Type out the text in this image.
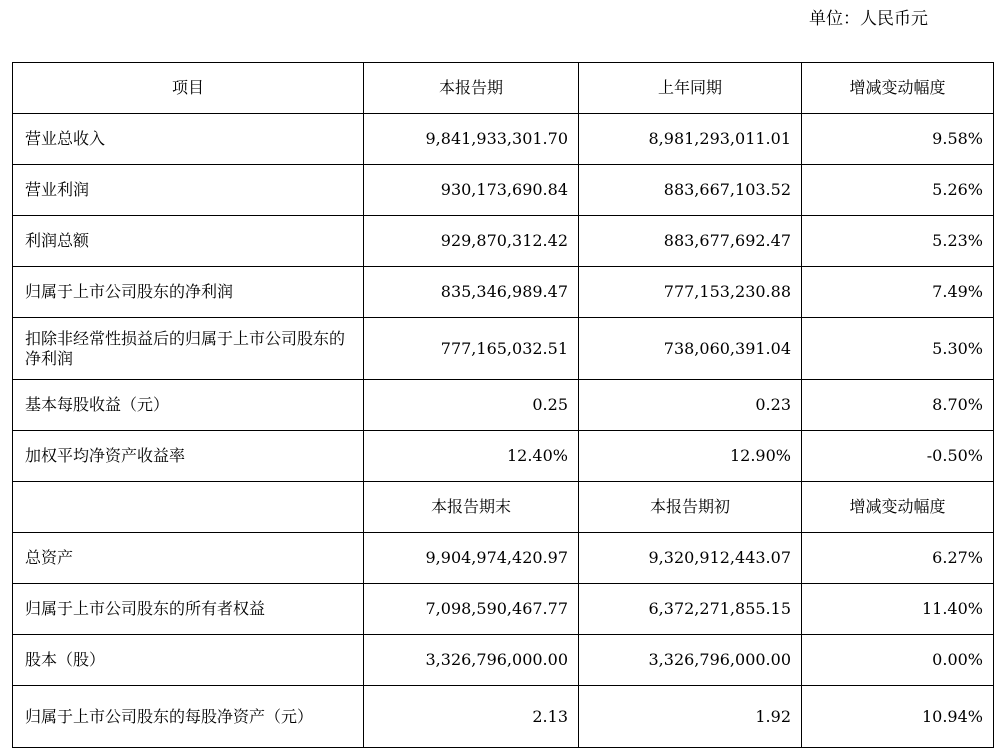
单位：人民币元
项目	本报告期	上年同期	增减变动幅度
营业总收入	9,841,933,301.70	8,981,293,011.01	9.58%
营业利润	930,173,690.84	883,667,103.52	5.26%
利润总额	929,870,312.42	883,677,692.47	5.23%
归属于上市公司股东的净利润	835,346,989.47	777,153,230.88	7.49%
扣除非经常性损益后的归属于上市公司股东的净利润	777,165,032.51	738,060,391.04	5.30%
基本每股收益（元）	0.25	0.23	8.70%
加权平均净资产收益率	12.40%	12.90%	-0.50%
	本报告期末	本报告期初	增减变动幅度
总资产	9,904,974,420.97	9,320,912,443.07	6.27%
归属于上市公司股东的所有者权益	7,098,590,467.77	6,372,271,855.15	11.40%
股本（股）	3,326,796,000.00	3,326,796,000.00	0.00%
归属于上市公司股东的每股净资产（元）	2.13	1.92	10.94%
